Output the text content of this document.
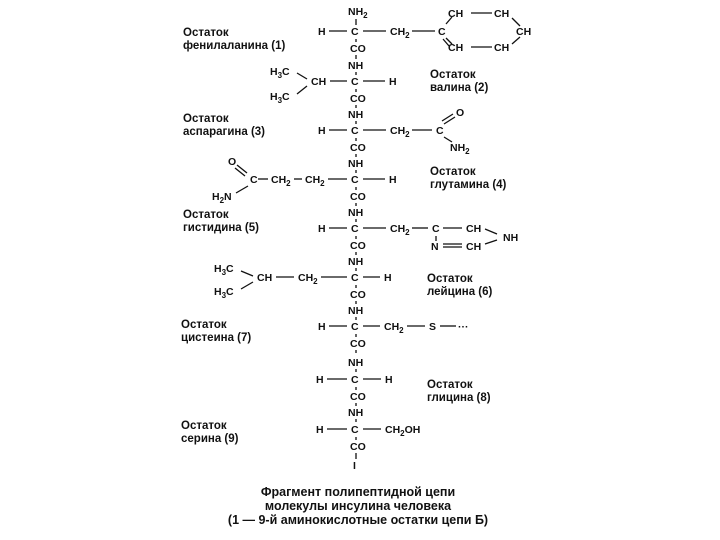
Остаток
фенилаланина (1)
Остаток
валина (2)
Остаток
аспарагина (3)
Остаток
глутамина (4)
Остаток
гистидина (5)
Остаток
лейцина (6)
Остаток
цистеина (7)
Остаток
глицина (8)
Остаток
серина (9)
$NH_2$
H C
CO
NH
C	H
CO
NH
H C
CO
NH
C	H
CO
NH
H C
CO
NH
C H
CO
NH
H C
CO
NH
H	C	H
CO
NH
H	C
CO
I
$CH_2$	C
CH	CH
CH
CH
CH
$H_3C$
$H_3C$
CH
$CH_2$	C
O
$NH_2$
O
C
$H_2N$
$CH_2$ $CH_2$
$CH_2$ C	CH
N	CH
NH
$H_3C$
$H_3C$
CH $CH_2$
$CH_2$ S ···
$CH_2OH$
Фрагмент полипептидной цепи
молекулы инсулина человека
(1 — 9-й аминокислотные остатки цепи Б)
